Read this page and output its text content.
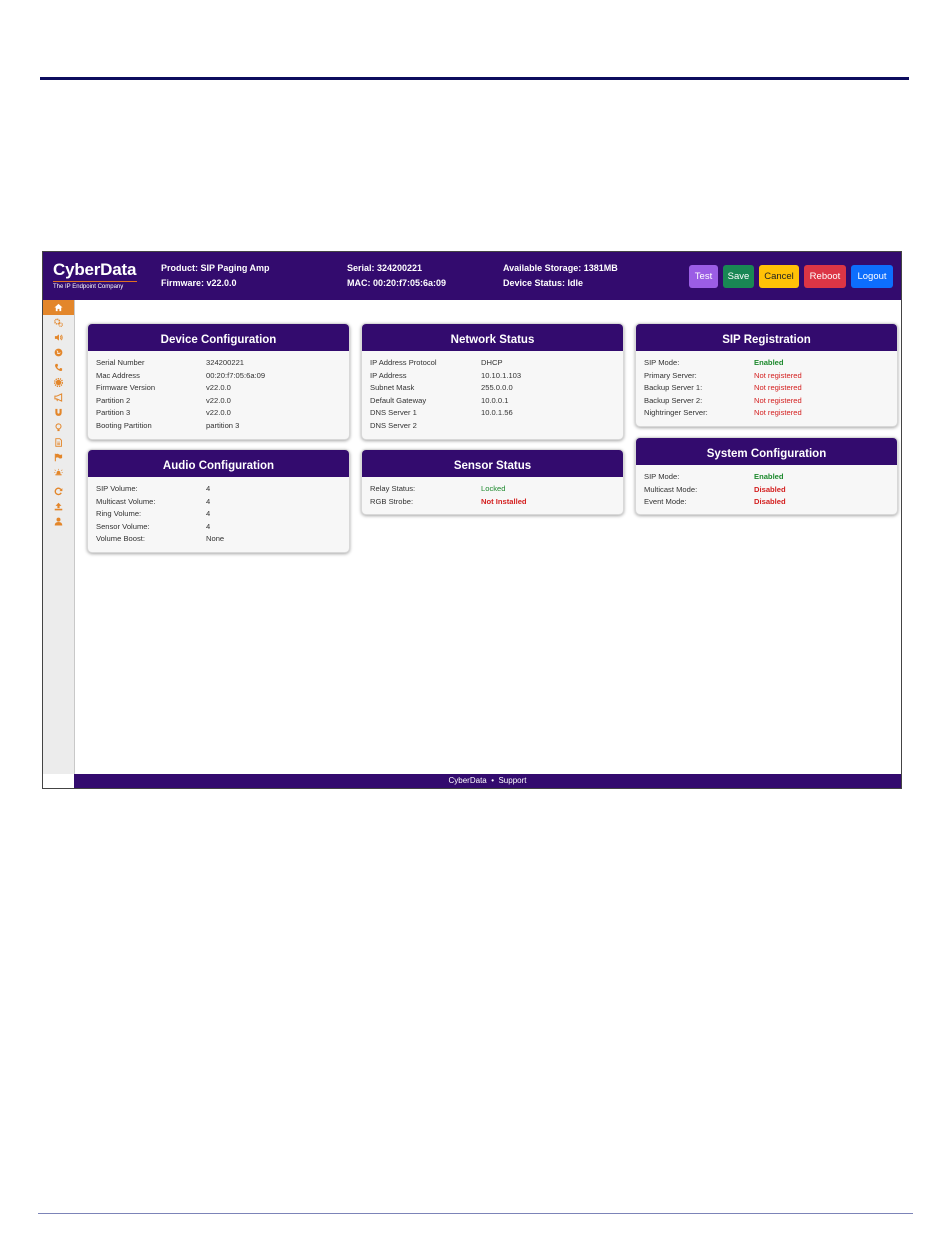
CyberData
The IP Endpoint Company
Product: SIP Paging Amp
Firmware: v22.0.0
Serial: 324200221
MAC: 00:20:f7:05:6a:09
Available Storage: 1381MB
Device Status: Idle
Test	Save	Cancel	Reboot	Logout
Device Configuration
Serial Number	324200221
Mac Address	00:20:f7:05:6a:09
Firmware Version	v22.0.0
Partition 2	v22.0.0
Partition 3	v22.0.0
Booting Partition	partition 3
Network Status
IP Address Protocol	DHCP
IP Address	10.10.1.103
Subnet Mask	255.0.0.0
Default Gateway	10.0.0.1
DNS Server 1	10.0.1.56
DNS Server 2
SIP Registration
SIP Mode:	Enabled
Primary Server:	Not registered
Backup Server 1:	Not registered
Backup Server 2:	Not registered
Nightringer Server:	Not registered
System Configuration
SIP Mode:	Enabled
Multicast Mode:	Disabled
Event Mode:	Disabled
Audio Configuration
SIP Volume:	4
Multicast Volume:	4
Ring Volume:	4
Sensor Volume:	4
Volume Boost:	None
Sensor Status
Relay Status:	Locked
RGB Strobe:	Not Installed
CyberData • Support
